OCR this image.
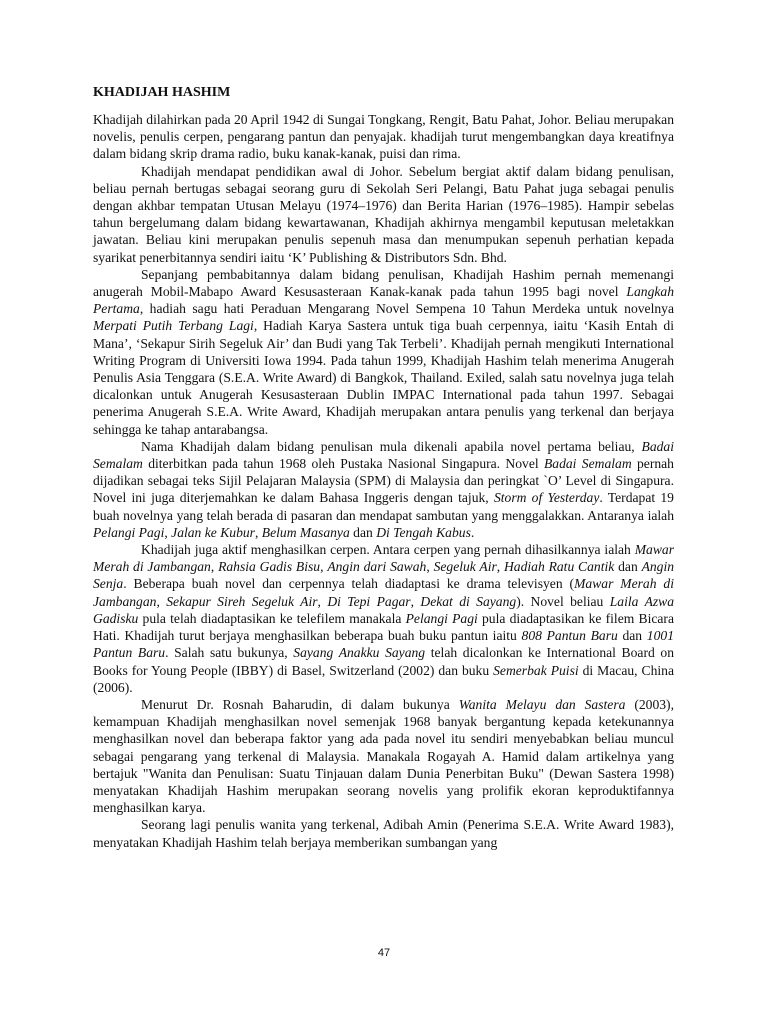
KHADIJAH HASHIM

Khadijah dilahirkan pada 20 April 1942 di Sungai Tongkang, Rengit, Batu Pahat, Johor. Beliau merupakan novelis, penulis cerpen, pengarang pantun dan penyajak. khadijah turut mengembangkan daya kreatifnya dalam bidang skrip drama radio, buku kanak-kanak, puisi dan rima.

Khadijah mendapat pendidikan awal di Johor. Sebelum bergiat aktif dalam bidang penulisan, beliau pernah bertugas sebagai seorang guru di Sekolah Seri Pelangi, Batu Pahat juga sebagai penulis dengan akhbar tempatan Utusan Melayu (1974–1976) dan Berita Harian (1976–1985). Hampir sebelas tahun bergelumang dalam bidang kewartawanan, Khadijah akhirnya mengambil keputusan meletakkan jawatan. Beliau kini merupakan penulis sepenuh masa dan menumpukan sepenuh perhatian kepada syarikat penerbitannya sendiri iaitu ‘K’ Publishing & Distributors Sdn. Bhd.

Sepanjang pembabitannya dalam bidang penulisan, Khadijah Hashim pernah memenangi anugerah Mobil-Mabapo Award Kesusasteraan Kanak-kanak pada tahun 1995 bagi novel Langkah Pertama, hadiah sagu hati Peraduan Mengarang Novel Sempena 10 Tahun Merdeka untuk novelnya Merpati Putih Terbang Lagi, Hadiah Karya Sastera untuk tiga buah cerpennya, iaitu ‘Kasih Entah di Mana’, ‘Sekapur Sirih Segeluk Air’ dan Budi yang Tak Terbeli’. Khadijah pernah mengikuti International Writing Program di Universiti Iowa 1994. Pada tahun 1999, Khadijah Hashim telah menerima Anugerah Penulis Asia Tenggara (S.E.A. Write Award) di Bangkok, Thailand. Exiled, salah satu novelnya juga telah dicalonkan untuk Anugerah Kesusasteraan Dublin IMPAC International pada tahun 1997. Sebagai penerima Anugerah S.E.A. Write Award, Khadijah merupakan antara penulis yang terkenal dan berjaya sehingga ke tahap antarabangsa.

Nama Khadijah dalam bidang penulisan mula dikenali apabila novel pertama beliau, Badai Semalam diterbitkan pada tahun 1968 oleh Pustaka Nasional Singapura. Novel Badai Semalam pernah dijadikan sebagai teks Sijil Pelajaran Malaysia (SPM) di Malaysia dan peringkat `O’ Level di Singapura. Novel ini juga diterjemahkan ke dalam Bahasa Inggeris dengan tajuk, Storm of Yesterday. Terdapat 19 buah novelnya yang telah berada di pasaran dan mendapat sambutan yang menggalakkan. Antaranya ialah Pelangi Pagi, Jalan ke Kubur, Belum Masanya dan Di Tengah Kabus.

Khadijah juga aktif menghasilkan cerpen. Antara cerpen yang pernah dihasilkannya ialah Mawar Merah di Jambangan, Rahsia Gadis Bisu, Angin dari Sawah, Segeluk Air, Hadiah Ratu Cantik dan Angin Senja. Beberapa buah novel dan cerpennya telah diadaptasi ke drama televisyen (Mawar Merah di Jambangan, Sekapur Sireh Segeluk Air, Di Tepi Pagar, Dekat di Sayang). Novel beliau Laila Azwa Gadisku pula telah diadaptasikan ke telefilem manakala Pelangi Pagi pula diadaptasikan ke filem Bicara Hati. Khadijah turut berjaya menghasilkan beberapa buah buku pantun iaitu 808 Pantun Baru dan 1001 Pantun Baru. Salah satu bukunya, Sayang Anakku Sayang telah dicalonkan ke International Board on Books for Young People (IBBY) di Basel, Switzerland (2002) dan buku Semerbak Puisi di Macau, China (2006).

Menurut Dr. Rosnah Baharudin, di dalam bukunya Wanita Melayu dan Sastera (2003), kemampuan Khadijah menghasilkan novel semenjak 1968 banyak bergantung kepada ketekunannya menghasilkan novel dan beberapa faktor yang ada pada novel itu sendiri menyebabkan beliau muncul sebagai pengarang yang terkenal di Malaysia. Manakala Rogayah A. Hamid dalam artikelnya yang bertajuk "Wanita dan Penulisan: Suatu Tinjauan dalam Dunia Penerbitan Buku" (Dewan Sastera 1998) menyatakan Khadijah Hashim merupakan seorang novelis yang prolifik ekoran keproduktifannya menghasilkan karya.

Seorang lagi penulis wanita yang terkenal, Adibah Amin (Penerima S.E.A. Write Award 1983), menyatakan Khadijah Hashim telah berjaya memberikan sumbangan yang

47
